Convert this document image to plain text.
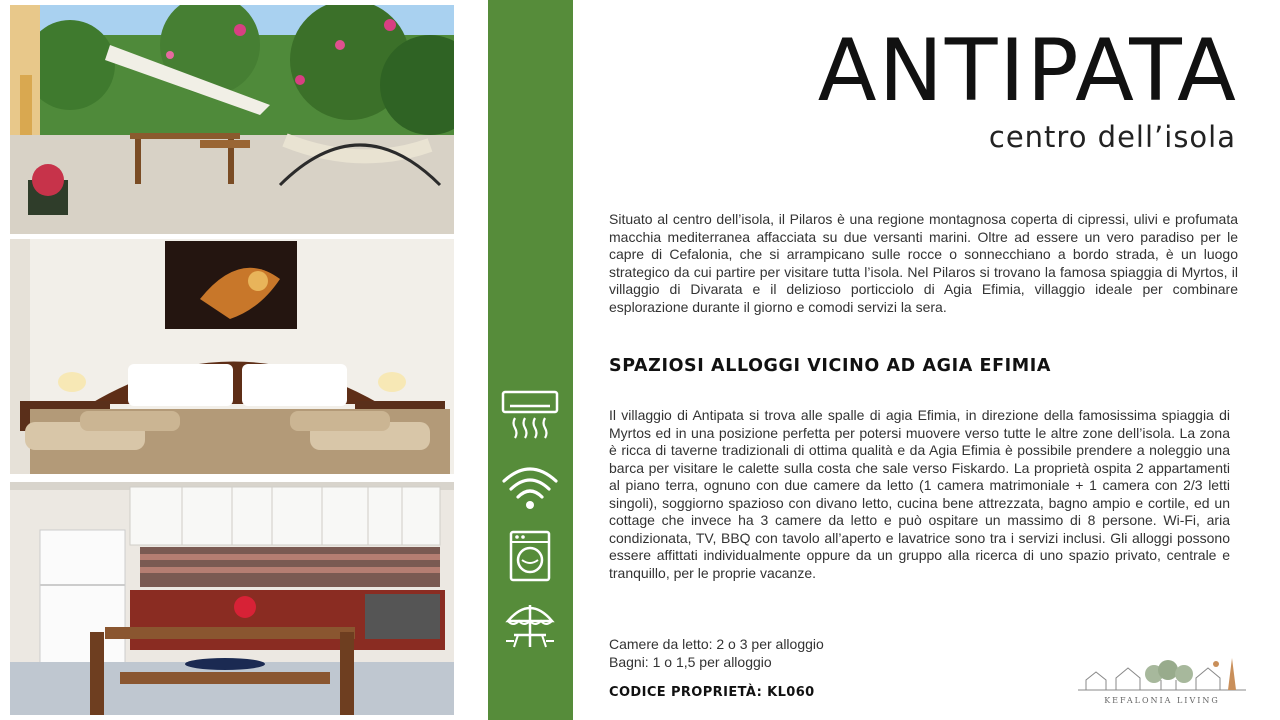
ANTIPATA
centro dell’isola

Situato al centro dell’isola, il Pilaros è una regione montagnosa coperta di cipressi, ulivi e profumata macchia mediterranea affacciata su due versanti marini. Oltre ad essere un vero paradiso per le capre di Cefalonia, che si arrampicano sulle rocce o sonnecchiano a bordo strada, è un luogo strategico da cui partire per visitare tutta l’isola. Nel Pilaros si trovano la famosa spiaggia di Myrtos, il villaggio di Divarata e il delizioso porticciolo di Agia Efimia, villaggio ideale per combinare esplorazione durante il giorno e comodi servizi la sera.

SPAZIOSI ALLOGGI VICINO AD AGIA EFIMIA

Il villaggio di Antipata si trova alle spalle di agia Efimia, in direzione della famosissima spiaggia di Myrtos ed in una posizione perfetta per potersi muovere verso tutte le altre zone dell’isola. La zona è ricca di taverne tradizionali di ottima qualità e da Agia Efimia è possibile prendere a noleggio una barca per visitare le calette sulla costa che sale verso Fiskardo. La proprietà ospita 2 appartamenti al piano terra, ognuno con due camere da letto (1 camera matrimoniale + 1 camera con 2/3 letti singoli), soggiorno spazioso con divano letto, cucina bene attrezzata, bagno ampio e cortile, ed un cottage che invece ha 3 camere da letto e può ospitare un massimo di 8 persone. Wi-Fi, aria condizionata, TV, BBQ con tavolo all’aperto e lavatrice sono tra i servizi inclusi. Gli alloggi possono essere affittati individualmente oppure da un gruppo alla ricerca di uno spazio privato, centrale e tranquillo, per le proprie vacanze.

Camere da letto: 2 o 3 per alloggio
Bagni: 1 o 1,5 per alloggio
CODICE PROPRIETÀ: KL060
KEFALONIA LIVING
